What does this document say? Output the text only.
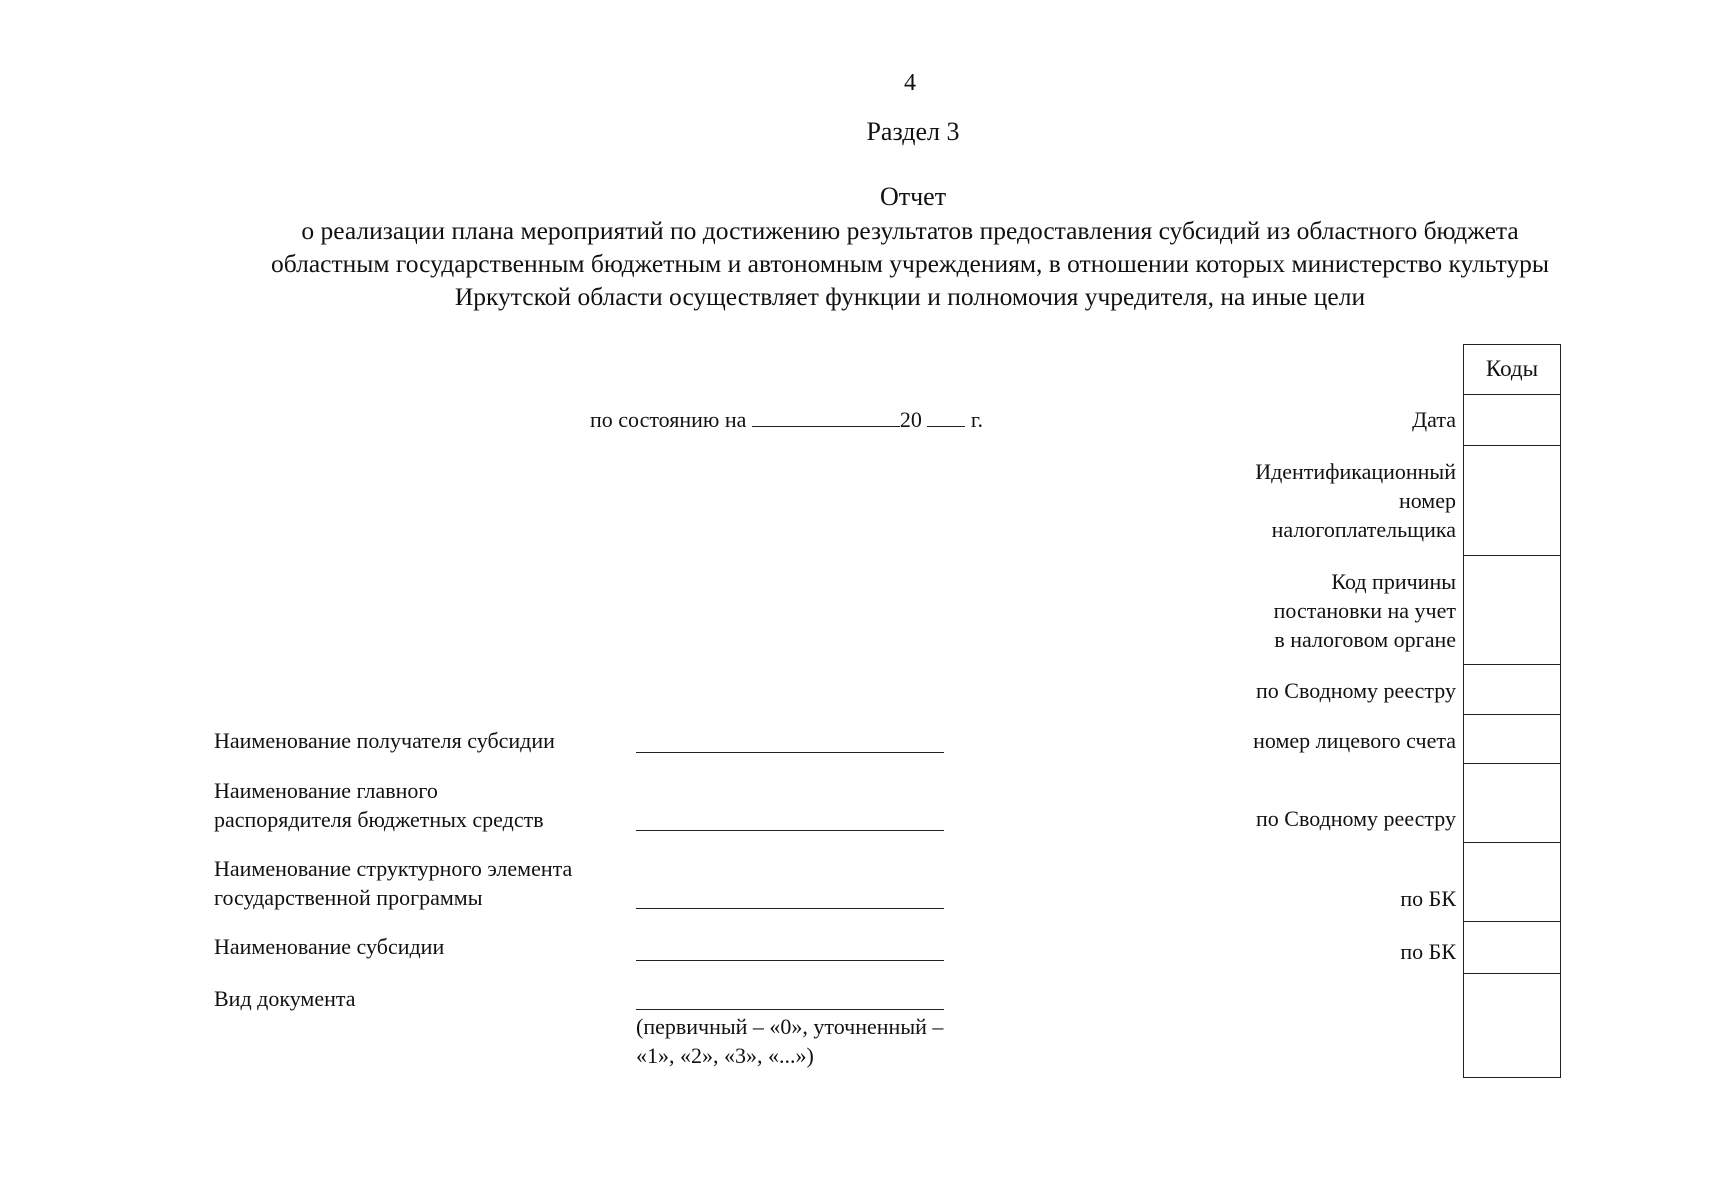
4
Раздел 3
Отчет
о реализации плана мероприятий по достижению результатов предоставления субсидий из областного бюджета
областным государственным бюджетным и автономным учреждениям, в отношении которых министерство культуры
Иркутской области осуществляет функции и полномочия учредителя, на иные цели
по состоянию на	20 г.
Коды
Дата
Идентификационный
номер
налогоплательщика
Код причины
постановки на учет
в налоговом органе
по Сводному реестру
номер лицевого счета
по Сводному реестру
по БК
по БК
Наименование получателя субсидии
Наименование главного
распорядителя бюджетных средств
Наименование структурного элемента
государственной программы
Наименование субсидии
Вид документа
(первичный – «0», уточненный –
«1», «2», «3», «...»)
